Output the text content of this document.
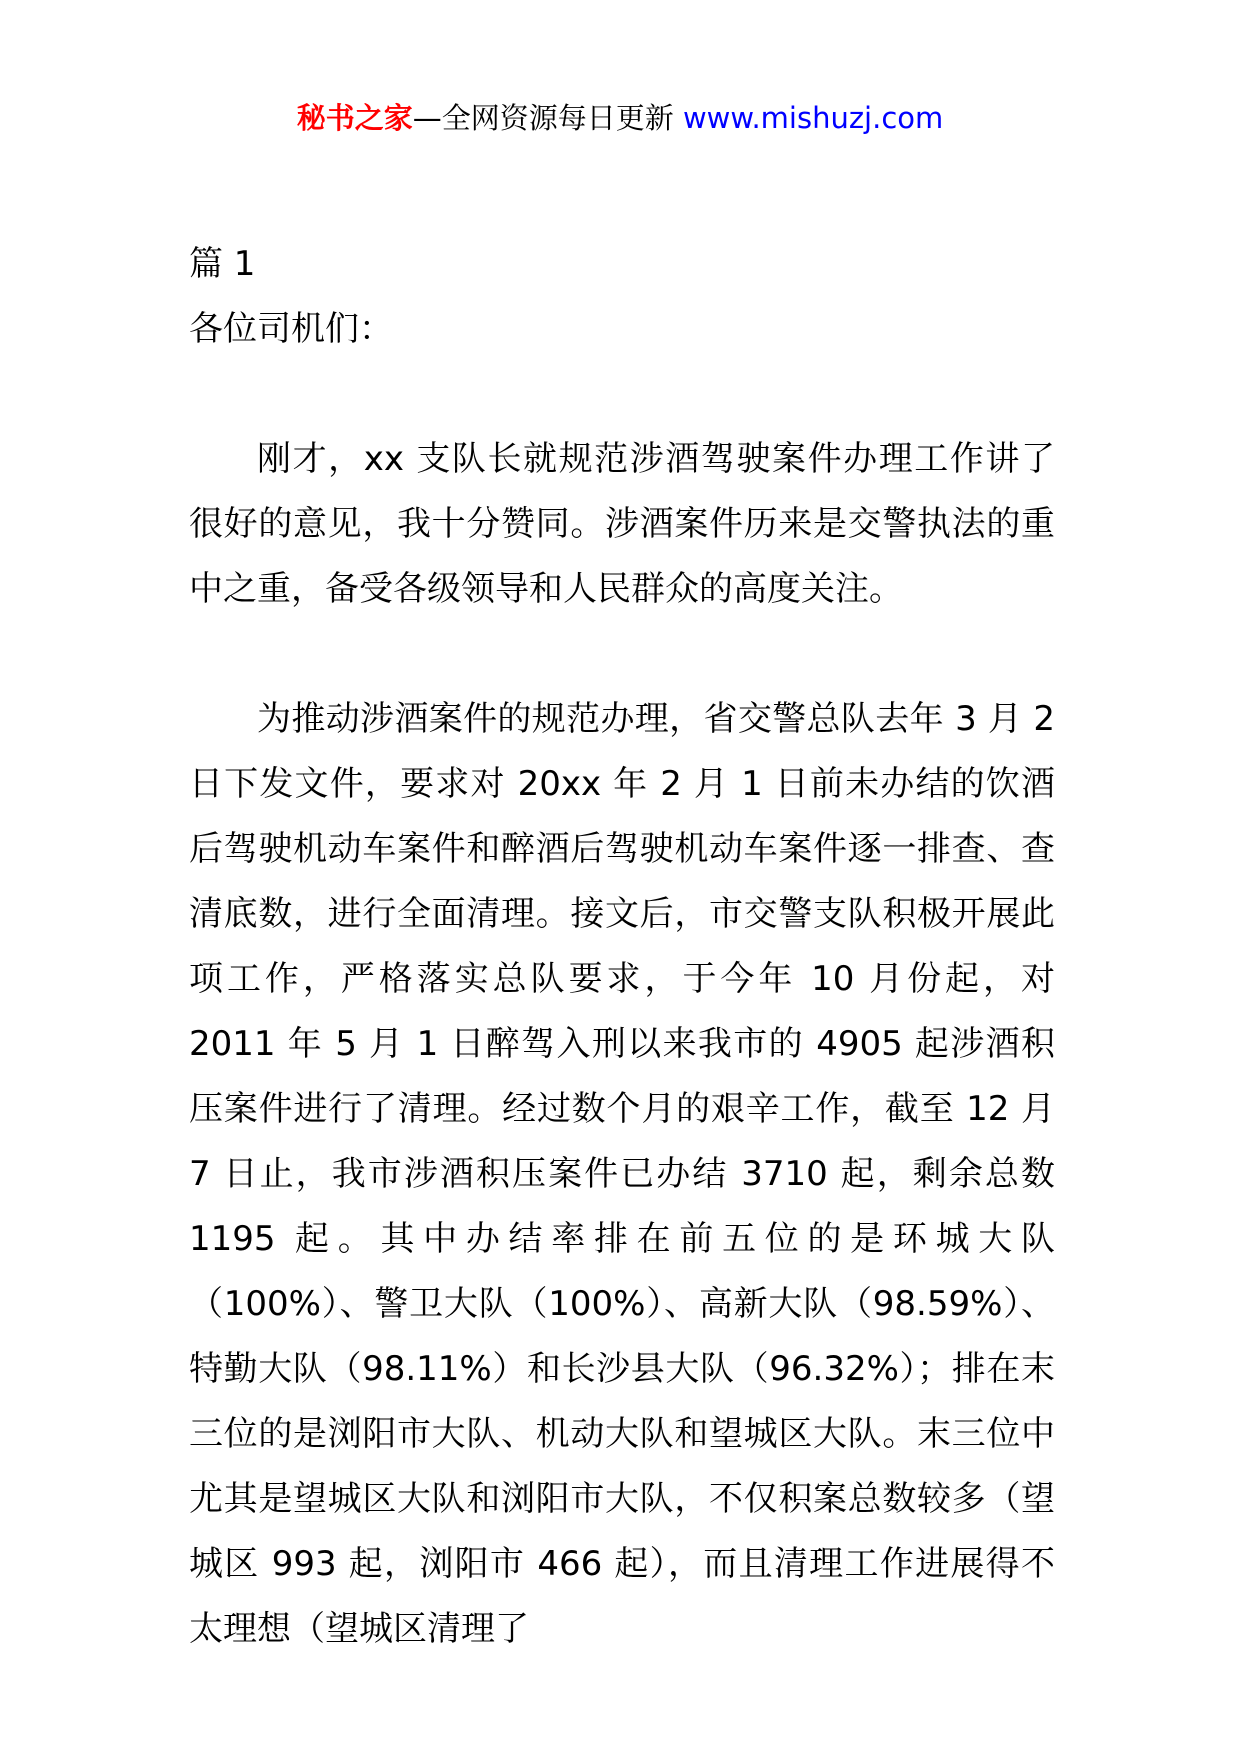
秘书之家—全网资源每日更新 www.mishuzj.com

篇 1

各位司机们：

刚才，xx 支队长就规范涉酒驾驶案件办理工作讲了很好的意见，我十分赞同。涉酒案件历来是交警执法的重中之重，备受各级领导和人民群众的高度关注。

为推动涉酒案件的规范办理，省交警总队去年 3 月 2 日下发文件，要求对 20xx 年 2 月 1 日前未办结的饮酒后驾驶机动车案件和醉酒后驾驶机动车案件逐一排查、查清底数，进行全面清理。接文后，市交警支队积极开展此项工作，严格落实总队要求，于今年 10 月份起，对 2011 年 5 月 1 日醉驾入刑以来我市的 4905 起涉酒积压案件进行了清理。经过数个月的艰辛工作，截至 12 月 7 日止，我市涉酒积压案件已办结 3710 起，剩余总数 1195 起。其中办结率排在前五位的是环城大队（100%）、警卫大队（100%）、高新大队（98.59%）、特勤大队（98.11%）和长沙县大队（96.32%）；排在末三位的是浏阳市大队、机动大队和望城区大队。末三位中尤其是望城区大队和浏阳市大队，不仅积案总数较多（望城区 993 起，浏阳市 466 起），而且清理工作进展得不太理想（望城区清理了
